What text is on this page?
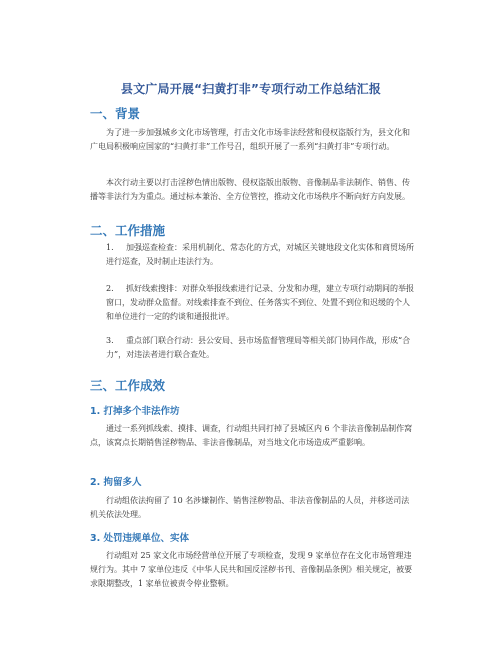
县文广局开展“扫黄打非”专项行动工作总结汇报
一、背景

为了进一步加强城乡文化市场管理，打击文化市场非法经营和侵权盗版行为，县文化和广电局积极响应国家的“扫黄打非”工作号召，组织开展了一系列“扫黄打非”专项行动。

本次行动主要以打击淫秽色情出版物、侵权盗版出版物、音像制品非法制作、销售、传播等非法行为为重点。通过标本兼治、全方位管控，推动文化市场秩序不断向好方向发展。

二、工作措施
1. 加强巡查检查：采用机制化、常态化的方式，对城区关键地段文化实体和商贸场所进行巡查，及时制止违法行为。
2. 抓好线索搜排：对群众举报线索进行记录、分发和办理，建立专项行动期间的举报窗口，发动群众监督。对线索排查不到位、任务落实不到位、处置不到位和迟缓的个人和单位进行一定的约谈和通报批评。
3. 重点部门联合行动：县公安局、县市场监督管理局等相关部门协同作战，形成“合力”，对违法者进行联合查处。
三、工作成效
1. 打掉多个非法作坊

通过一系列抓线索、摸排、调查，行动组共同打掉了县城区内 6 个非法音像制品制作窝点，该窝点长期销售淫秽物品、非法音像制品，对当地文化市场造成严重影响。

2. 拘留多人

行动组依法拘留了 10 名涉嫌制作、销售淫秽物品、非法音像制品的人员，并移送司法机关依法处理。

3. 处罚违规单位、实体

行动组对 25 家文化市场经营单位开展了专项检查，发现 9 家单位存在文化市场管理违规行为。其中 7 家单位违反《中华人民共和国反淫秽书刊、音像制品条例》相关规定，被要求限期整改，1 家单位被责令停业整顿。
